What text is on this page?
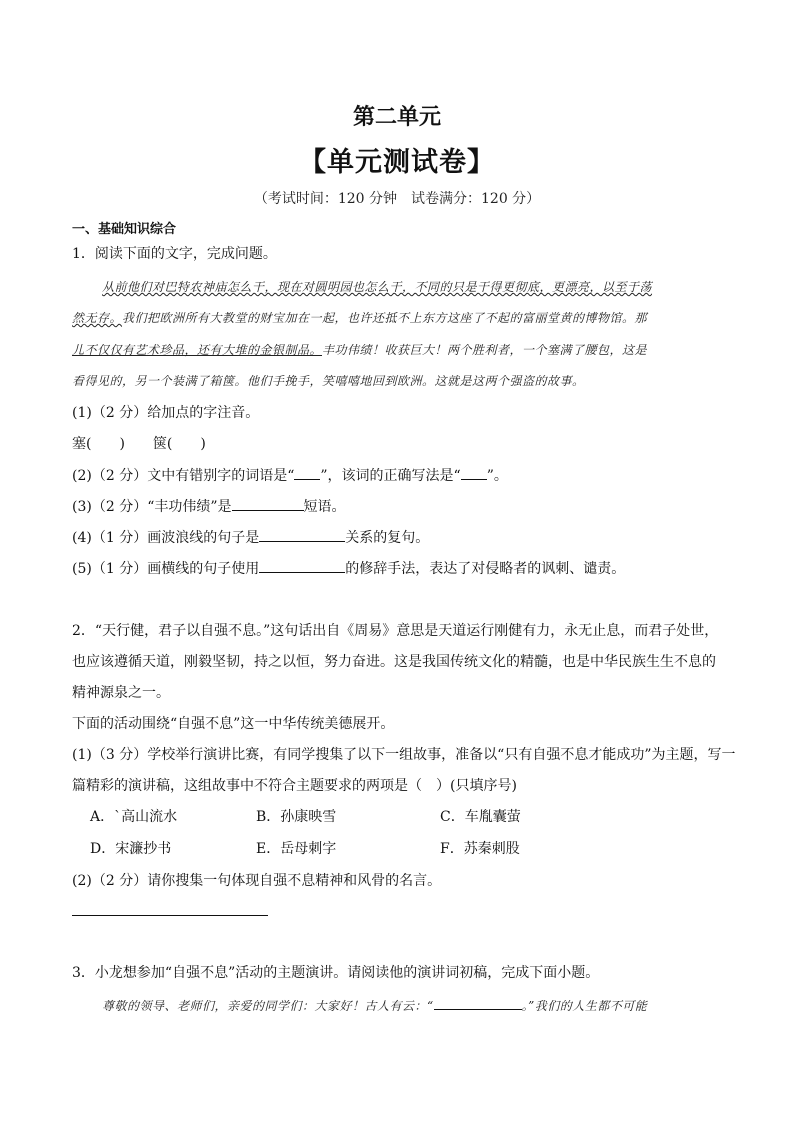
第二单元
【单元测试卷】
（考试时间：120 分钟　试卷满分：120 分）
一、基础知识综合
1．阅读下面的文字，完成问题。
从前他们对巴特农神庙怎么干，现在对圆明园也怎么干，不同的只是干得更彻底，更漂亮，以至于荡
然无存。我们把欧洲所有大教堂的财宝加在一起，也许还抵不上东方这座了不起的富丽堂黄的博物馆。那
儿不仅仅有艺术珍品，还有大堆的金银制品。丰功伟绩！收获巨大！两个胜利者，一个塞满了腰包，这是
看得见的，另一个装满了箱箧。他们手挽手，笑嘻嘻地回到欧洲。这就是这两个强盗的故事。
(1)（2 分）给加点的字注音。
塞(　　)　　箧(　　)
(2)（2 分）文中有错别字的词语是“ ”，该词的正确写法是“ ”。
(3)（2 分）“丰功伟绩”是	短语。
(4)（1 分）画波浪线的句子是	关系的复句。
(5)（1 分）画横线的句子使用	的修辞手法，表达了对侵略者的讽刺、谴责。
2．“天行健，君子以自强不息。”这句话出自《周易》意思是天道运行刚健有力，永无止息，而君子处世，
也应该遵循天道，刚毅坚韧，持之以恒，努力奋进。这是我国传统文化的精髓，也是中华民族生生不息的
精神源泉之一。
下面的活动围绕“自强不息”这一中华传统美德展开。
(1)（3 分）学校举行演讲比赛，有同学搜集了以下一组故事，准备以“只有自强不息才能成功”为主题，写一
篇精彩的演讲稿，这组故事中不符合主题要求的两项是（　）(只填序号)
A．`高山流水	B．孙康映雪	C．车胤囊萤
D．宋濂抄书	E．岳母刺字	F．苏秦刺股
(2)（2 分）请你搜集一句体现自强不息精神和风骨的名言。
3．小龙想参加“自强不息”活动的主题演讲。请阅读他的演讲词初稿，完成下面小题。
尊敬的领导、老师们，亲爱的同学们：大家好！古人有云：“	。”我们的人生都不可能
